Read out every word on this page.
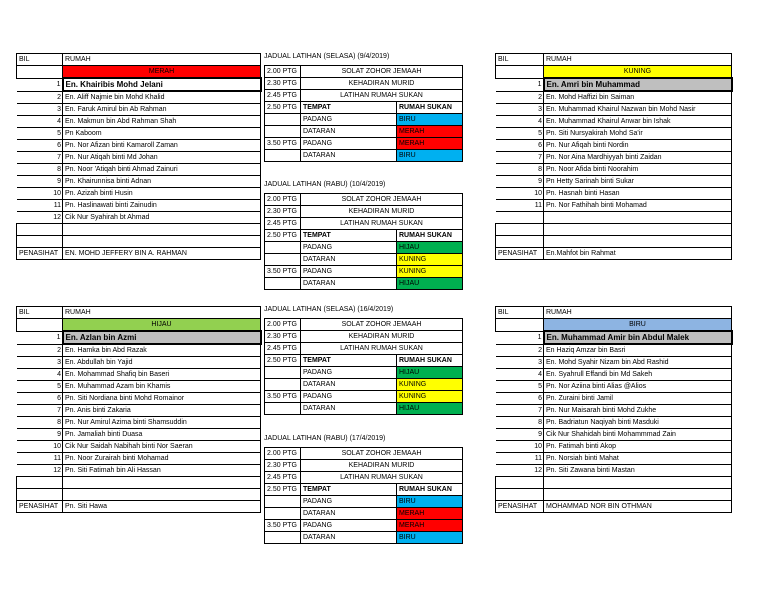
BIL	RUMAH
	MERAH
1	En. Khairibis Mohd Jelani
2	En. Aliff Najmie bin Mohd Khalid
3	En. Faruk Amirul bin Ab Rahman
4	En. Makmun bin Abd Rahman Shah
5	Pn Kaboom
6	Pn. Nor Afizan binti Kamaroll Zaman
7	Pn. Nur Atiqah binti Md Johan
8	Pn. Noor 'Atiqah binti Ahmad Zainuri
9	Pn. Khairunnisa binti Adnan
10	Pn. Azizah binti Husin
11	Pn. Haslinawati binti Zainudin
12	Cik Nur Syahirah bt Ahmad

PENASIHAT	EN. MOHD JEFFERY BIN A. RAHMAN
BIL	RUMAH
	KUNING
1	En. Amri bin Muhammad
2	En. Mohd Haffizi bin Saiman
3	En. Muhammad Khairul Nazwan bin Mohd Nasir
4	En. Muhammad Khairul Anwar bin Ishak
5	Pn. Siti Nursyakirah Mohd Sa'ir
6	Pn. Nur Afiqah binti Nordin
7	Pn. Nor Aina Mardhiyyah binti Zaidan
8	Pn. Noor Afida binti Noorahim
9	Pn Hetty Sarinah binti Sukar
10	Pn. Hasnah binti Hasan
11	Pn. Nor Fathihah binti Mohamad

PENASIHAT	En.Mahfot bin Rahmat
BIL	RUMAH
	HIJAU
1	En. Azlan bin Azmi
2	En. Hamka bin Abd Razak
3	En. Abdullah bin Yajid
4	En. Mohammad Shafiq bin Baseri
5	En. Muhammad Azam bin Khamis
6	Pn. Siti Nordiana binti Mohd Romainor
7	Pn. Anis binti Zakaria
8	Pn. Nur Amirul Azima binti Shamsuddin
9	Pn. Jamaliah binti Duasa
10	Cik Nur Saidah Nabihah binti Nor Saeran
11	Pn. Noor Zurairah binti Mohamad
12	Pn. Siti Fatimah bin Ali Hassan

PENASIHAT	Pn. Siti Hawa
BIL	RUMAH
	BIRU
1	En. Muhammad Amir bin Abdul Malek
2	En Haziq Amzar bin Basri
3	En. Mohd Syahir Nizam bin Abd Rashid
4	En. Syahrull Effandi bin Md Sakeh
5	Pn. Nor Aziina binti Alias @Alios
6	Pn. Zuraini binti Jamil
7	Pn. Nur Maisarah binti Mohd Zukhe
8	Pn. Badriatun Naqiyah binti Masduki
9	Cik Nur Shahidah binti Mohammmad Zain
10	Pn. Fatimah binti Akop
11	Pn. Norsiah binti Mahat
12	Pn. Siti Zawana binti Mastan

PENASIHAT	MOHAMMAD NOR BIN OTHMAN
JADUAL LATIHAN (SELASA) (9/4/2019)
2.00 PTG	SOLAT ZOHOR JEMAAH	
2.30 PTG	KEHADIRAN MURID	
2.45 PTG	LATIHAN RUMAH SUKAN	
2.50 PTG	TEMPAT	RUMAH SUKAN
	PADANG	BIRU
	DATARAN	MERAH
3.50 PTG	PADANG	MERAH
	DATARAN	BIRU
JADUAL LATIHAN (RABU) (10/4/2019)
2.00 PTG	SOLAT ZOHOR JEMAAH	
2.30 PTG	KEHADIRAN MURID	
2.45 PTG	LATIHAN RUMAH SUKAN	
2.50 PTG	TEMPAT	RUMAH SUKAN
	PADANG	HIJAU
	DATARAN	KUNING
3.50 PTG	PADANG	KUNING
	DATARAN	HIJAU
JADUAL LATIHAN (SELASA) (16/4/2019)
2.00 PTG	SOLAT ZOHOR JEMAAH	
2.30 PTG	KEHADIRAN MURID	
2.45 PTG	LATIHAN RUMAH SUKAN	
2.50 PTG	TEMPAT	RUMAH SUKAN
	PADANG	HIJAU
	DATARAN	KUNING
3.50 PTG	PADANG	KUNING
	DATARAN	HIJAU
JADUAL LATIHAN (RABU) (17/4/2019)
2.00 PTG	SOLAT ZOHOR JEMAAH	
2.30 PTG	KEHADIRAN MURID	
2.45 PTG	LATIHAN RUMAH SUKAN	
2.50 PTG	TEMPAT	RUMAH SUKAN
	PADANG	BIRU
	DATARAN	MERAH
3.50 PTG	PADANG	MERAH
	DATARAN	BIRU
